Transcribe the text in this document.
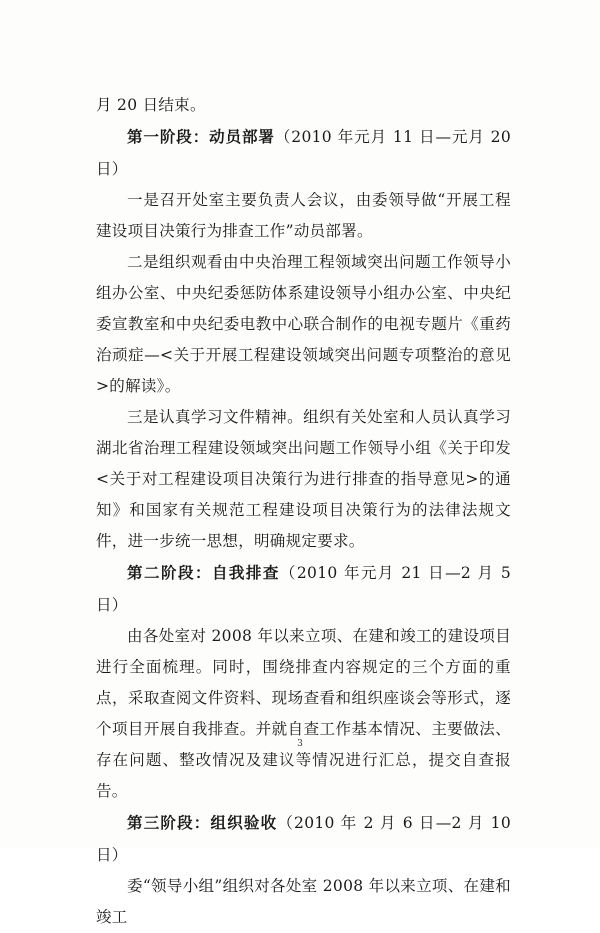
月 20 日结束。

第一阶段：动员部署（2010 年元月 11 日—元月 20 日）

一是召开处室主要负责人会议，由委领导做“开展工程建设项目决策行为排查工作”动员部署。

二是组织观看由中央治理工程领域突出问题工作领导小组办公室、中央纪委惩防体系建设领导小组办公室、中央纪委宣教室和中央纪委电教中心联合制作的电视专题片《重药治顽症—<关于开展工程建设领域突出问题专项整治的意见>的解读》。

三是认真学习文件精神。组织有关处室和人员认真学习湖北省治理工程建设领域突出问题工作领导小组《关于印发<关于对工程建设项目决策行为进行排查的指导意见>的通知》和国家有关规范工程建设项目决策行为的法律法规文件，进一步统一思想，明确规定要求。

第二阶段：自我排查（2010 年元月 21 日—2 月 5 日）

由各处室对 2008 年以来立项、在建和竣工的建设项目进行全面梳理。同时，围绕排查内容规定的三个方面的重点，采取查阅文件资料、现场查看和组织座谈会等形式，逐个项目开展自我排查。并就自查工作基本情况、主要做法、存在问题、整改情况及建议等情况进行汇总，提交自查报告。

第三阶段：组织验收（2010 年 2 月 6 日—2 月 10 日）

委“领导小组”组织对各处室 2008 年以来立项、在建和竣工

3
